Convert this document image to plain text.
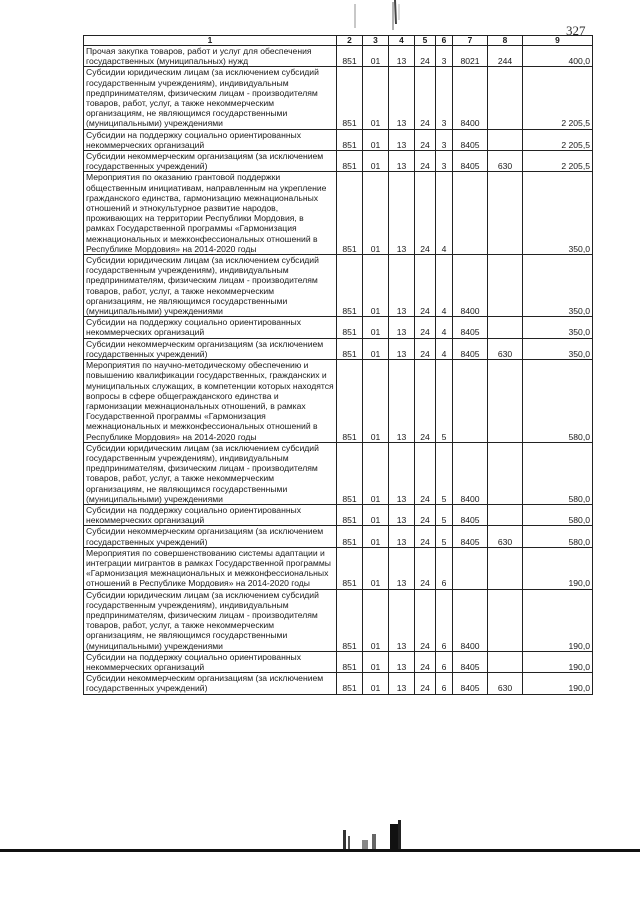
327
1	2	3	4	5	6	7	8	9
Прочая закупка товаров, работ и услуг для обеспечения государственных (муниципальных) нужд	851	01	13	24	3	8021	244	400,0
Субсидии юридическим лицам (за исключением субсидий государственным учреждениям), индивидуальным предпринимателям, физическим лицам - производителям товаров, работ, услуг, а также некоммерческим организациям, не являющимся государственными (муниципальными) учреждениями	851	01	13	24	3	8400		2 205,5
Субсидии на поддержку социально ориентированных некоммерческих организаций	851	01	13	24	3	8405		2 205,5
Субсидии некоммерческим организациям (за исключением государственных учреждений)	851	01	13	24	3	8405	630	2 205,5
Мероприятия по оказанию грантовой поддержки общественным инициативам, направленным на укрепление гражданского единства, гармонизацию межнациональных отношений и этнокультурное развитие народов, проживающих на территории Республики Мордовия, в рамках Государственной программы «Гармонизация межнациональных и межконфессиональных отношений в Республике Мордовия» на 2014-2020 годы	851	01	13	24	4			350,0
Субсидии юридическим лицам (за исключением субсидий государственным учреждениям), индивидуальным предпринимателям, физическим лицам - производителям товаров, работ, услуг, а также некоммерческим организациям, не являющимся государственными (муниципальными) учреждениями	851	01	13	24	4	8400		350,0
Субсидии на поддержку социально ориентированных некоммерческих организаций	851	01	13	24	4	8405		350,0
Субсидии некоммерческим организациям (за исключением государственных учреждений)	851	01	13	24	4	8405	630	350,0
Мероприятия по научно-методическому обеспечению и повышению квалификации государственных, гражданских и муниципальных служащих, в компетенции которых находятся вопросы в сфере общегражданского единства и гармонизации межнациональных отношений, в рамках Государственной программы «Гармонизация межнациональных и межконфессиональных отношений в Республике Мордовия» на 2014-2020 годы	851	01	13	24	5			580,0
Субсидии юридическим лицам (за исключением субсидий государственным учреждениям), индивидуальным предпринимателям, физическим лицам - производителям товаров, работ, услуг, а также некоммерческим организациям, не являющимся государственными (муниципальными) учреждениями	851	01	13	24	5	8400		580,0
Субсидии на поддержку социально ориентированных некоммерческих организаций	851	01	13	24	5	8405		580,0
Субсидии некоммерческим организациям (за исключением государственных учреждений)	851	01	13	24	5	8405	630	580,0
Мероприятия по совершенствованию системы адаптации и интеграции мигрантов в рамках Государственной программы «Гармонизация межнациональных и межконфессиональных отношений в Республике Мордовия» на 2014-2020 годы	851	01	13	24	6			190,0
Субсидии юридическим лицам (за исключением субсидий государственным учреждениям), индивидуальным предпринимателям, физическим лицам - производителям товаров, работ, услуг, а также некоммерческим организациям, не являющимся государственными (муниципальными) учреждениями	851	01	13	24	6	8400		190,0
Субсидии на поддержку социально ориентированных некоммерческих организаций	851	01	13	24	6	8405		190,0
Субсидии некоммерческим организациям (за исключением государственных учреждений)	851	01	13	24	6	8405	630	190,0
